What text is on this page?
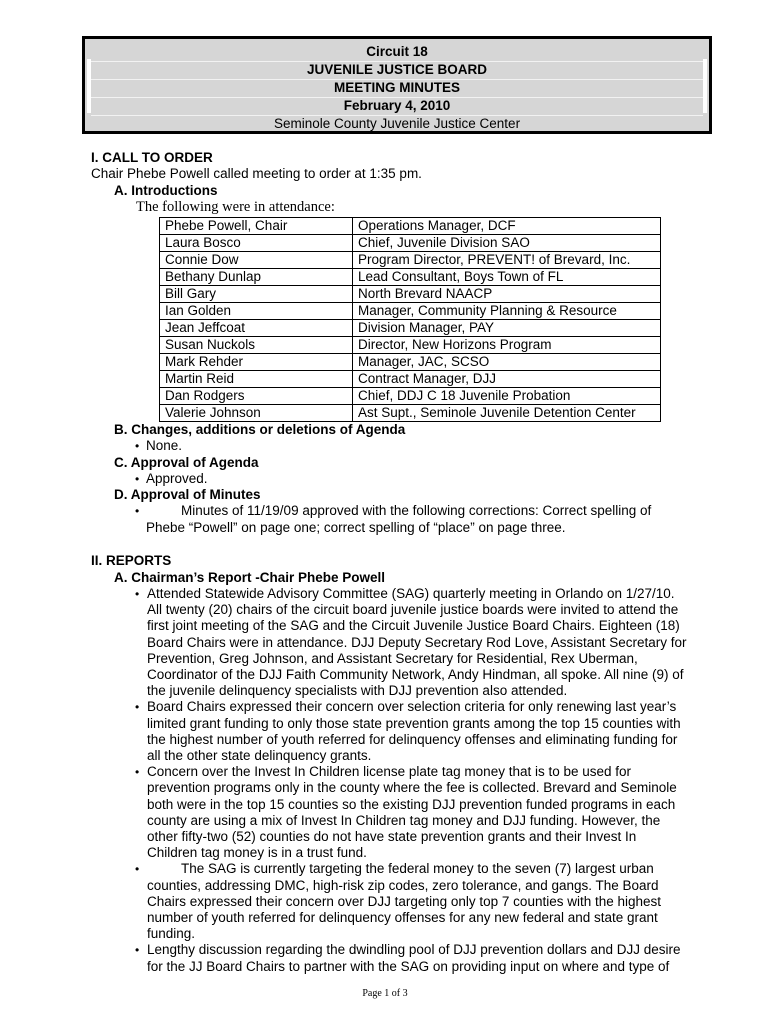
Circuit 18
JUVENILE JUSTICE BOARD
MEETING MINUTES
February 4, 2010
Seminole County Juvenile Justice Center
I. CALL TO ORDER
Chair Phebe Powell called meeting to order at 1:35 pm.
A. Introductions
The following were in attendance:
Phebe Powell, Chair	Operations Manager, DCF
Laura Bosco	Chief, Juvenile Division SAO
Connie Dow	Program Director, PREVENT! of Brevard, Inc.
Bethany Dunlap	Lead Consultant, Boys Town of FL
Bill Gary	North Brevard NAACP
Ian Golden	Manager, Community Planning & Resource
Jean Jeffcoat	Division Manager, PAY
Susan Nuckols	Director, New Horizons Program
Mark Rehder	Manager, JAC, SCSO
Martin Reid	Contract Manager, DJJ
Dan Rodgers	Chief, DDJ C 18 Juvenile Probation
Valerie Johnson	Ast Supt., Seminole Juvenile Detention Center
B. Changes, additions or deletions of Agenda
• None.
C. Approval of Agenda
• Approved.
D. Approval of Minutes
•	Minutes of 11/19/09 approved with the following corrections: Correct spelling of
Phebe “Powell” on page one; correct spelling of “place” on page three.
II. REPORTS
A. Chairman’s Report -Chair Phebe Powell
• Attended Statewide Advisory Committee (SAG) quarterly meeting in Orlando on 1/27/10.
All twenty (20) chairs of the circuit board juvenile justice boards were invited to attend the
first joint meeting of the SAG and the Circuit Juvenile Justice Board Chairs. Eighteen (18)
Board Chairs were in attendance. DJJ Deputy Secretary Rod Love, Assistant Secretary for
Prevention, Greg Johnson, and Assistant Secretary for Residential, Rex Uberman,
Coordinator of the DJJ Faith Community Network, Andy Hindman, all spoke. All nine (9) of
the juvenile delinquency specialists with DJJ prevention also attended.
• Board Chairs expressed their concern over selection criteria for only renewing last year’s
limited grant funding to only those state prevention grants among the top 15 counties with
the highest number of youth referred for delinquency offenses and eliminating funding for
all the other state delinquency grants.
• Concern over the Invest In Children license plate tag money that is to be used for
prevention programs only in the county where the fee is collected. Brevard and Seminole
both were in the top 15 counties so the existing DJJ prevention funded programs in each
county are using a mix of Invest In Children tag money and DJJ funding. However, the
other fifty-two (52) counties do not have state prevention grants and their Invest In
Children tag money is in a trust fund.
•	The SAG is currently targeting the federal money to the seven (7) largest urban
counties, addressing DMC, high-risk zip codes, zero tolerance, and gangs. The Board
Chairs expressed their concern over DJJ targeting only top 7 counties with the highest
number of youth referred for delinquency offenses for any new federal and state grant
funding.
• Lengthy discussion regarding the dwindling pool of DJJ prevention dollars and DJJ desire
for the JJ Board Chairs to partner with the SAG on providing input on where and type of
Page 1 of 3
